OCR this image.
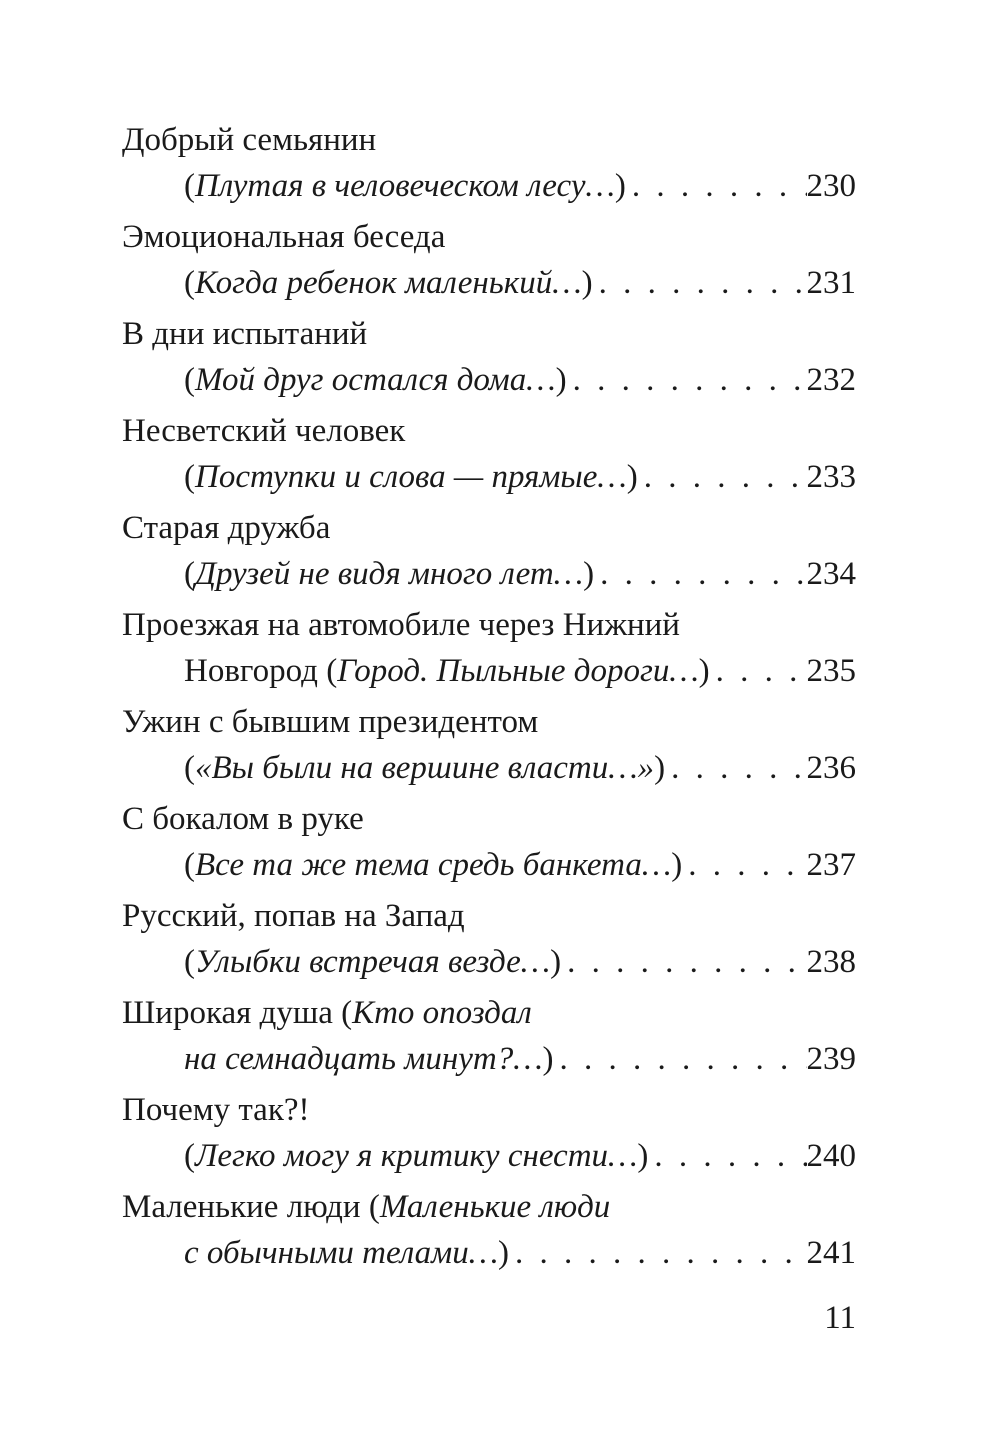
Добрый семьянин
(Плутая в человеческом лесу…) . . .	230
Эмоциональная беседа
(Когда ребенок маленький…) . . .	231
В дни испытаний
(Мой друг остался дома…) . . .	232
Несветский человек
(Поступки и слова — прямые…) . . .	233
Старая дружба
(Друзей не видя много лет…) . . .	234
Проезжая на автомобиле через Нижний
Новгород (Город. Пыльные дороги…) . . .	235
Ужин с бывшим президентом
(«Вы были на вершине власти…») . . .	236
С бокалом в руке
(Все та же тема средь банкета…) . . .	237
Русский, попав на Запад
(Улыбки встречая везде…) . . .	238
Широкая душа (Кто опоздал
на семнадцать минут?…) . . .	239
Почему так?!
(Легко могу я критику снести…) . . .	240
Маленькие люди (Маленькие люди
с обычными телами…) . . .	241
11
